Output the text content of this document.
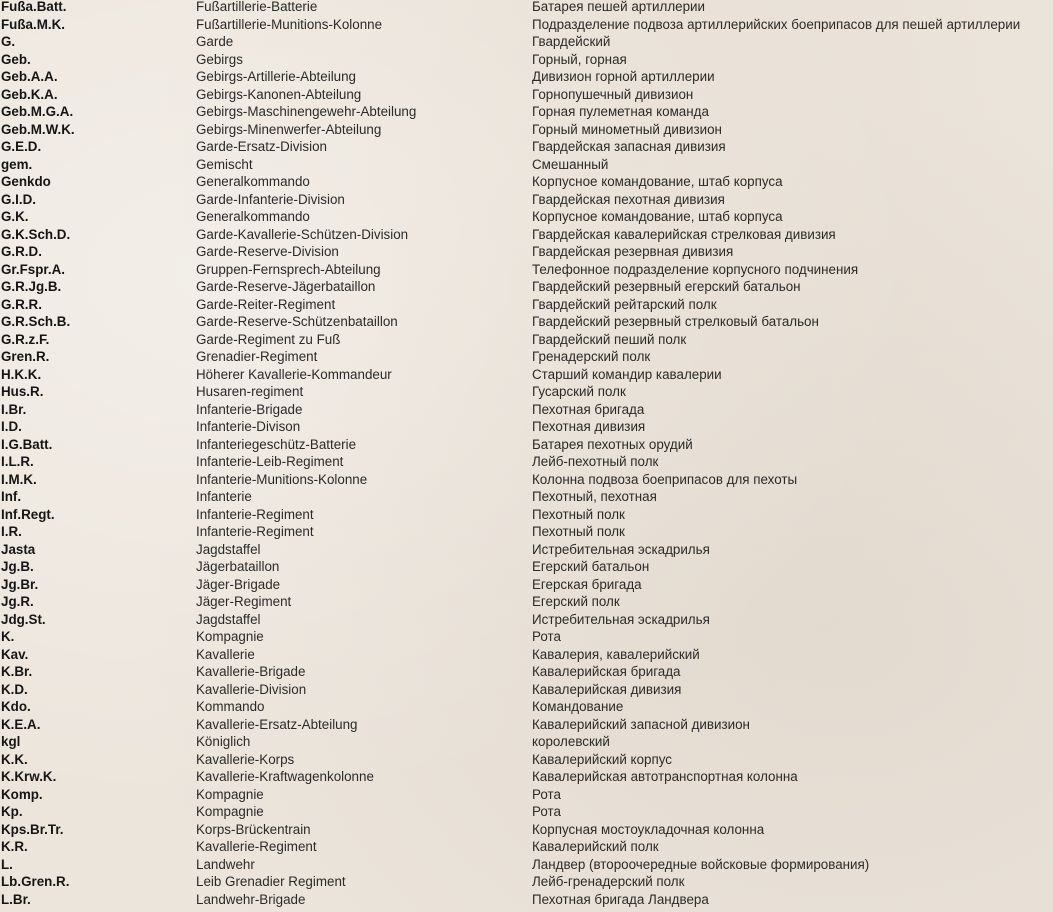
Fußa.Batt.	Fußartillerie-Batterie	Батарея пешей артиллерии
Fußa.M.K.	Fußartillerie-Munitions-Kolonne	Подразделение подвоза артиллерийских боеприпасов для пешей артиллерии
G.	Garde	Гвардейский
Geb.	Gebirgs	Горный, горная
Geb.A.A.	Gebirgs-Artillerie-Abteilung	Дивизион горной артиллерии
Geb.K.A.	Gebirgs-Kanonen-Abteilung	Горнопушечный дивизион
Geb.M.G.A.	Gebirgs-Maschinengewehr-Abteilung	Горная пулеметная команда
Geb.M.W.K.	Gebirgs-Minenwerfer-Abteilung	Горный минометный дивизион
G.E.D.	Garde-Ersatz-Division	Гвардейская запасная дивизия
gem.	Gemischt	Смешанный
Genkdo	Generalkommando	Корпусное командование, штаб корпуса
G.I.D.	Garde-Infanterie-Division	Гвардейская пехотная дивизия
G.K.	Generalkommando	Корпусное командование, штаб корпуса
G.K.Sch.D.	Garde-Kavallerie-Schützen-Division	Гвардейская кавалерийская стрелковая дивизия
G.R.D.	Garde-Reserve-Division	Гвардейская резервная дивизия
Gr.Fspr.A.	Gruppen-Fernsprech-Abteilung	Телефонное подразделение корпусного подчинения
G.R.Jg.B.	Garde-Reserve-Jägerbataillon	Гвардейский резервный егерский батальон
G.R.R.	Garde-Reiter-Regiment	Гвардейский рейтарский полк
G.R.Sch.B.	Garde-Reserve-Schützenbataillon	Гвардейский резервный стрелковый батальон
G.R.z.F.	Garde-Regiment zu Fuß	Гвардейский пеший полк
Gren.R.	Grenadier-Regiment	Гренадерский полк
H.K.K.	Höherer Kavallerie-Kommandeur	Старший командир кавалерии
Hus.R.	Husaren-regiment	Гусарский полк
I.Br.	Infanterie-Brigade	Пехотная бригада
I.D.	Infanterie-Divison	Пехотная дивизия
I.G.Batt.	Infanteriegeschütz-Batterie	Батарея пехотных орудий
I.L.R.	Infanterie-Leib-Regiment	Лейб-пехотный полк
I.M.K.	Infanterie-Munitions-Kolonne	Колонна подвоза боеприпасов для пехоты
Inf.	Infanterie	Пехотный, пехотная
Inf.Regt.	Infanterie-Regiment	Пехотный полк
I.R.	Infanterie-Regiment	Пехотный полк
Jasta	Jagdstaffel	Истребительная эскадрилья
Jg.B.	Jägerbataillon	Егерский батальон
Jg.Br.	Jäger-Brigade	Егерская бригада
Jg.R.	Jäger-Regiment	Егерский полк
Jdg.St.	Jagdstaffel	Истребительная эскадрилья
K.	Kompagnie	Рота
Kav.	Kavallerie	Кавалерия, кавалерийский
K.Br.	Kavallerie-Brigade	Кавалерийская бригада
K.D.	Kavallerie-Division	Кавалерийская дивизия
Kdo.	Kommando	Командование
K.E.A.	Kavallerie-Ersatz-Abteilung	Кавалерийский запасной дивизион
kgl	Königlich	королевский
K.K.	Kavallerie-Korps	Кавалерийский корпус
K.Krw.K.	Kavallerie-Kraftwagenkolonne	Кавалерийская автотранспортная колонна
Komp.	Kompagnie	Рота
Kp.	Kompagnie	Рота
Kps.Br.Tr.	Korps-Brückentrain	Корпусная мостоукладочная колонна
K.R.	Kavallerie-Regiment	Кавалерийский полк
L.	Landwehr	Ландвер (второочередные войсковые формирования)
Lb.Gren.R.	Leib Grenadier Regiment	Лейб-гренадерский полк
L.Br.	Landwehr-Brigade	Пехотная бригада Ландвера
